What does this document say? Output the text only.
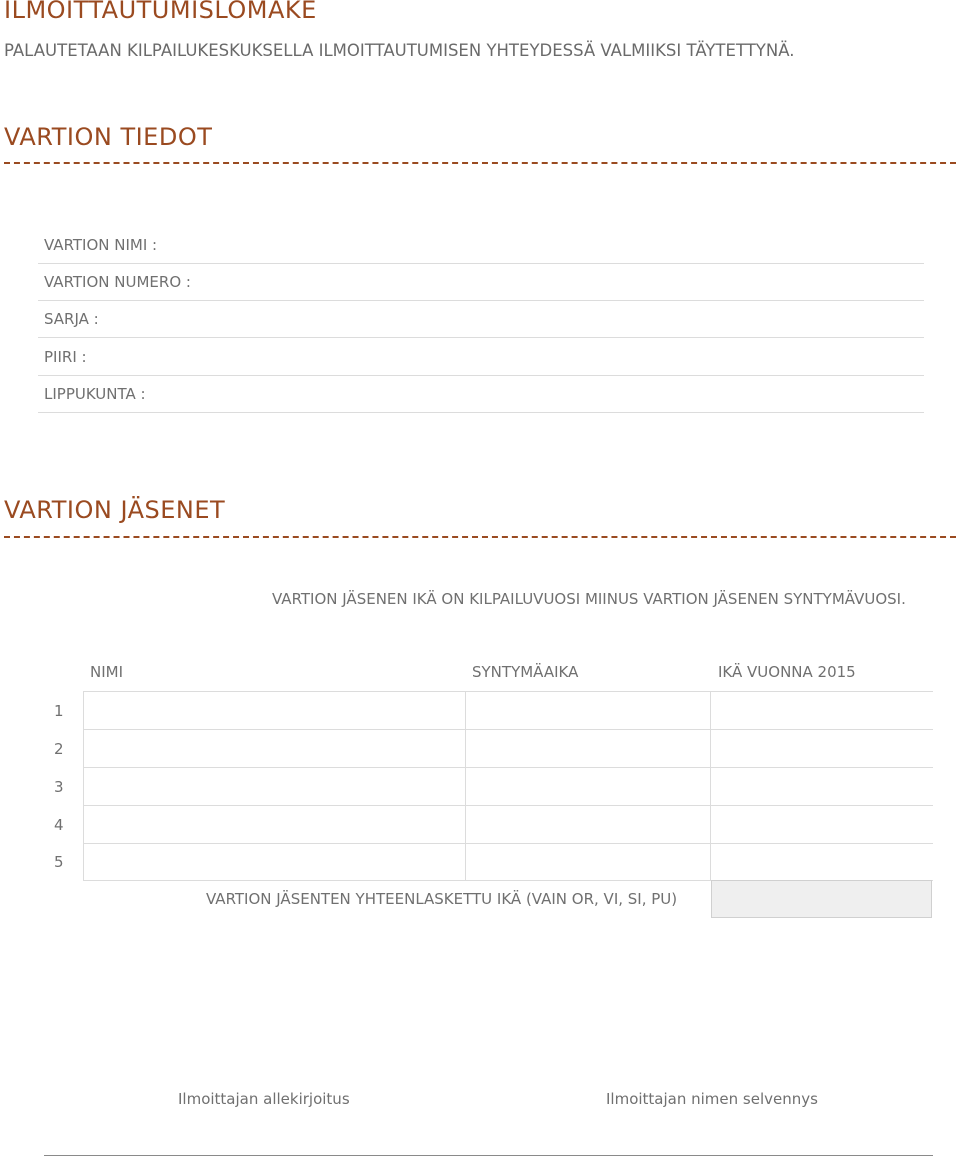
ILMOITTAUTUMISLOMAKE
PALAUTETAAN KILPAILUKESKUKSELLA ILMOITTAUTUMISEN YHTEYDESSÄ VALMIIKSI TÄYTETTYNÄ.
VARTION TIEDOT
VARTION NIMI :
VARTION NUMERO :
SARJA :
PIIRI :
LIPPUKUNTA :
VARTION JÄSENET
VARTION JÄSENEN IKÄ ON KILPAILUVUOSI MIINUS VARTION JÄSENEN SYNTYMÄVUOSI.
NIMI	SYNTYMÄAIKA	IKÄ VUONNA 2015
1
2
3
4
5
VARTION JÄSENTEN YHTEENLASKETTU IKÄ (VAIN OR, VI, SI, PU)
Ilmoittajan allekirjoitus	Ilmoittajan nimen selvennys
